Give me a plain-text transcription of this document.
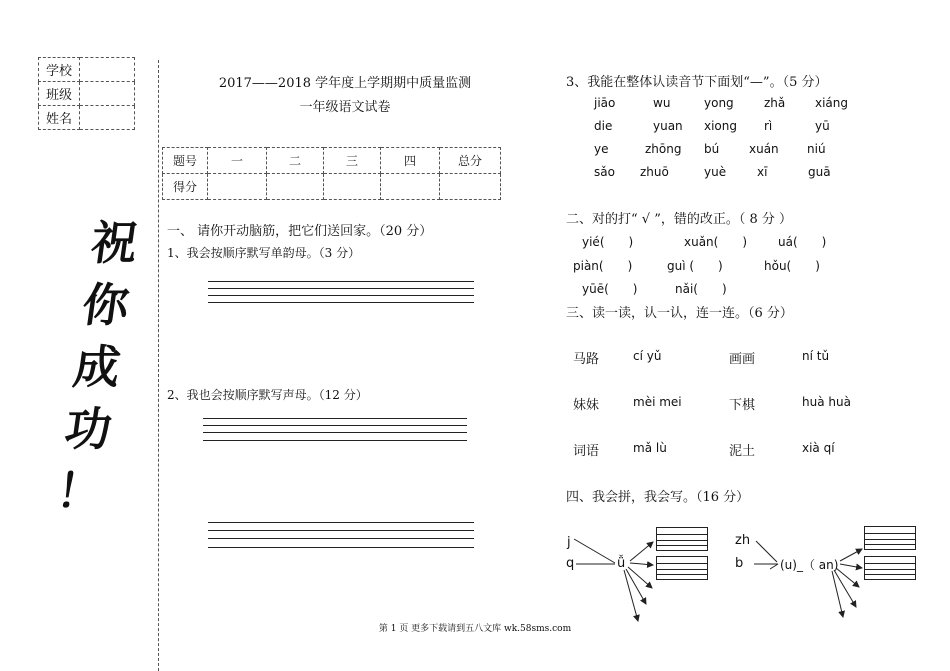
学校	
班级	
姓名	
祝
你
成
功
！
2017——2018 学年度上学期期中质量监测
一年级语文试卷
题号	一	二	三	四	总分
得分					
一、 请你开动脑筋，把它们送回家。（20 分）
1、我会按顺序默写单韵母。（3 分）
2、我也会按顺序默写声母。（12 分）
3、我能在整体认读音节下面划“—”。（5 分）
jiāo	wu	yong	zhǎ xiáng
die	yuan xiong rì	yū
ye	zhōng bú xuán niú
sǎo zhuō	yuè	xī	guā
二、对的打“ √ ”，错的改正。（ 8 分 ）
yié(　　)	xuǎn(　　)	uá(　　)
piàn(　　)	guì (　　)	hǒu(　　)
yūē(　　)	nǎi(　　)
三、读一读，认一认，连一连。（6 分）
马路	cí yǔ	画画	ní tǔ
妹妹	mèi mei	下棋	huà huà
词语	mǎ lù	泥土	xià qí
四、我会拼，我会写。（16 分）
j
q	ǚ
zh
b	(u)_（ an)
第 1 页 更多下载请到五八文库 wk.58sms.com
